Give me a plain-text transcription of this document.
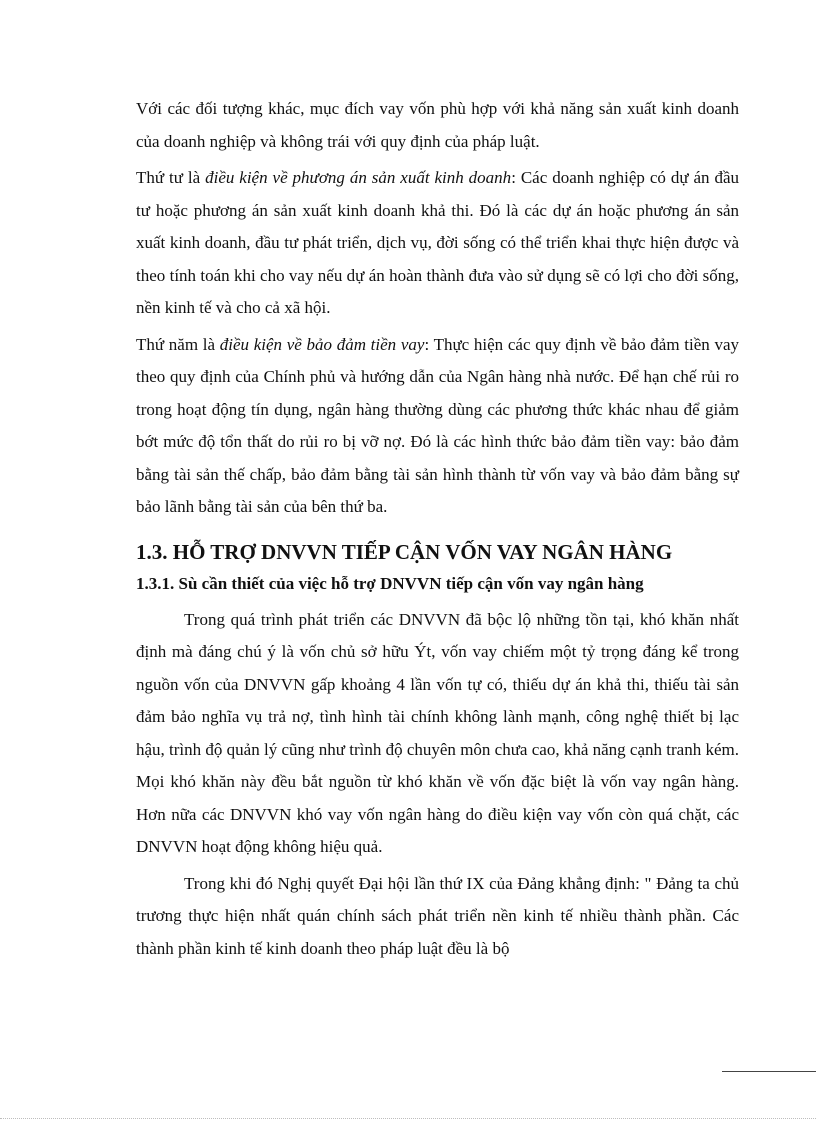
Với các đối tượng khác, mục đích vay vốn phù hợp với khả năng sản xuất kinh doanh của doanh nghiệp và không trái với quy định của pháp luật.

Thứ tư là điều kiện về phương án sản xuất kinh doanh: Các doanh nghiệp có dự án đầu tư hoặc phương án sản xuất kinh doanh khả thi. Đó là các dự án hoặc phương án sản xuất kinh doanh, đầu tư phát triển, dịch vụ, đời sống có thể triển khai thực hiện được và theo tính toán khi cho vay nếu dự án hoàn thành đưa vào sử dụng sẽ có lợi cho đời sống, nền kinh tế và cho cả xã hội.

Thứ năm là điều kiện về bảo đảm tiền vay: Thực hiện các quy định về bảo đảm tiền vay theo quy định của Chính phủ và hướng dẫn của Ngân hàng nhà nước. Để hạn chế rủi ro trong hoạt động tín dụng, ngân hàng thường dùng các phương thức khác nhau để giảm bớt mức độ tổn thất do rủi ro bị vỡ nợ. Đó là các hình thức bảo đảm tiền vay: bảo đảm bằng tài sản thế chấp, bảo đảm bằng tài sản hình thành từ vốn vay và bảo đảm bằng sự bảo lãnh bằng tài sản của bên thứ ba.

1.3. HỖ TRỢ DNVVN TIẾP CẬN VỐN VAY NGÂN HÀNG
1.3.1. Sù cần thiết của việc hỗ trợ DNVVN tiếp cận vốn vay ngân hàng

Trong quá trình phát triển các DNVVN đã bộc lộ những tồn tại, khó khăn nhất định mà đáng chú ý là vốn chủ sở hữu Ýt, vốn vay chiếm một tỷ trọng đáng kể trong nguồn vốn của DNVVN gấp khoảng 4 lần vốn tự có, thiếu dự án khả thi, thiếu tài sản đảm bảo nghĩa vụ trả nợ, tình hình tài chính không lành mạnh, công nghệ thiết bị lạc hậu, trình độ quản lý cũng như trình độ chuyên môn chưa cao, khả năng cạnh tranh kém. Mọi khó khăn này đều bắt nguồn từ khó khăn về vốn đặc biệt là vốn vay ngân hàng. Hơn nữa các DNVVN khó vay vốn ngân hàng do điều kiện vay vốn còn quá chặt, các DNVVN hoạt động không hiệu quả.

Trong khi đó Nghị quyết Đại hội lần thứ IX của Đảng khẳng định: " Đảng ta chủ trương thực hiện nhất quán chính sách phát triển nền kinh tế nhiều thành phần. Các thành phần kinh tế kinh doanh theo pháp luật đều là bộ
